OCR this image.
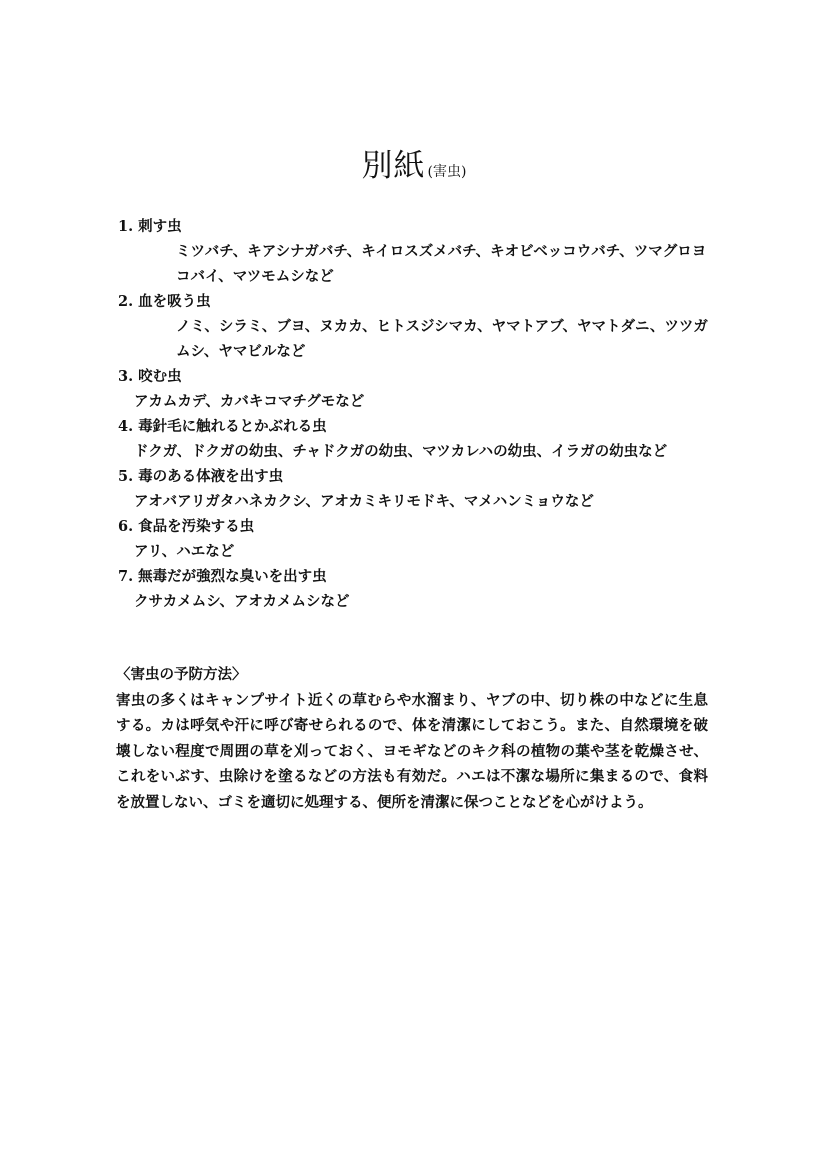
別紙 (害虫)
1. 刺す虫
ミツバチ、キアシナガバチ、キイロスズメバチ、キオビベッコウバチ、ツマグロヨコバイ、マツモムシなど
2. 血を吸う虫
ノミ、シラミ、ブヨ、ヌカカ、ヒトスジシマカ、ヤマトアブ、ヤマトダニ、ツツガムシ、ヤマビルなど
3. 咬む虫
アカムカデ、カバキコマチグモなど
4. 毒針毛に触れるとかぶれる虫
ドクガ、ドクガの幼虫、チャドクガの幼虫、マツカレハの幼虫、イラガの幼虫など
5. 毒のある体液を出す虫
アオバアリガタハネカクシ、アオカミキリモドキ、マメハンミョウなど
6. 食品を汚染する虫
アリ、ハエなど
7. 無毒だが強烈な臭いを出す虫
クサカメムシ、アオカメムシなど
〈害虫の予防方法〉
害虫の多くはキャンプサイト近くの草むらや水溜まり、ヤブの中、切り株の中などに生息する。カは呼気や汗に呼び寄せられるので、体を清潔にしておこう。また、自然環境を破壊しない程度で周囲の草を刈っておく、ヨモギなどのキク科の植物の葉や茎を乾燥させ、これをいぶす、虫除けを塗るなどの方法も有効だ。ハエは不潔な場所に集まるので、食料を放置しない、ゴミを適切に処理する、便所を清潔に保つことなどを心がけよう。
